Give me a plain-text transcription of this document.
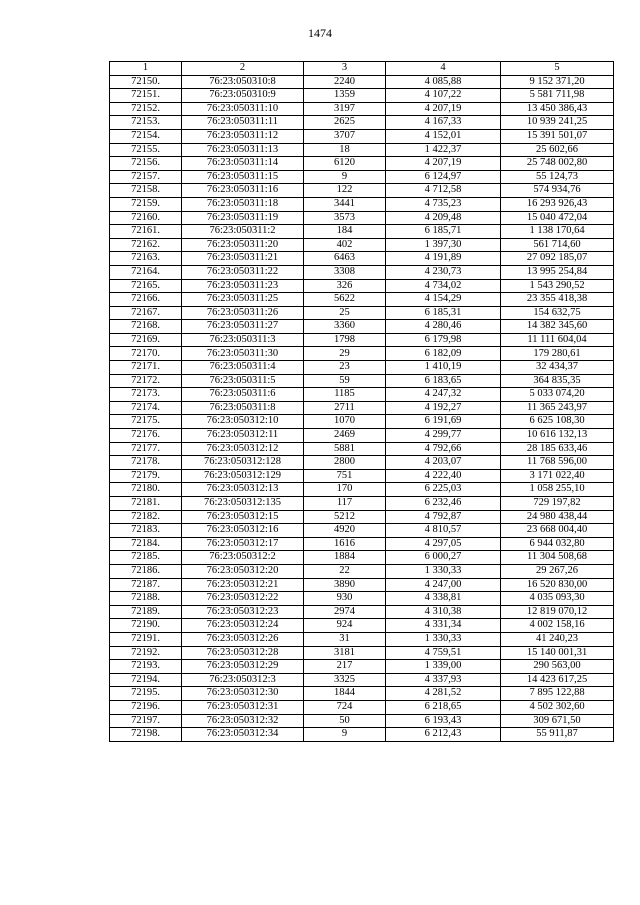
1474
1	2	3	4	5
72150.	76:23:050310:8	2240	4 085,88	9 152 371,20
72151.	76:23:050310:9	1359	4 107,22	5 581 711,98
72152.	76:23:050311:10	3197	4 207,19	13 450 386,43
72153.	76:23:050311:11	2625	4 167,33	10 939 241,25
72154.	76:23:050311:12	3707	4 152,01	15 391 501,07
72155.	76:23:050311:13	18	1 422,37	25 602,66
72156.	76:23:050311:14	6120	4 207,19	25 748 002,80
72157.	76:23:050311:15	9	6 124,97	55 124,73
72158.	76:23:050311:16	122	4 712,58	574 934,76
72159.	76:23:050311:18	3441	4 735,23	16 293 926,43
72160.	76:23:050311:19	3573	4 209,48	15 040 472,04
72161.	76:23:050311:2	184	6 185,71	1 138 170,64
72162.	76:23:050311:20	402	1 397,30	561 714,60
72163.	76:23:050311:21	6463	4 191,89	27 092 185,07
72164.	76:23:050311:22	3308	4 230,73	13 995 254,84
72165.	76:23:050311:23	326	4 734,02	1 543 290,52
72166.	76:23:050311:25	5622	4 154,29	23 355 418,38
72167.	76:23:050311:26	25	6 185,31	154 632,75
72168.	76:23:050311:27	3360	4 280,46	14 382 345,60
72169.	76:23:050311:3	1798	6 179,98	11 111 604,04
72170.	76:23:050311:30	29	6 182,09	179 280,61
72171.	76:23:050311:4	23	1 410,19	32 434,37
72172.	76:23:050311:5	59	6 183,65	364 835,35
72173.	76:23:050311:6	1185	4 247,32	5 033 074,20
72174.	76:23:050311:8	2711	4 192,27	11 365 243,97
72175.	76:23:050312:10	1070	6 191,69	6 625 108,30
72176.	76:23:050312:11	2469	4 299,77	10 616 132,13
72177.	76:23:050312:12	5881	4 792,66	28 185 633,46
72178.	76:23:050312:128	2800	4 203,07	11 768 596,00
72179.	76:23:050312:129	751	4 222,40	3 171 022,40
72180.	76:23:050312:13	170	6 225,03	1 058 255,10
72181.	76:23:050312:135	117	6 232,46	729 197,82
72182.	76:23:050312:15	5212	4 792,87	24 980 438,44
72183.	76:23:050312:16	4920	4 810,57	23 668 004,40
72184.	76:23:050312:17	1616	4 297,05	6 944 032,80
72185.	76:23:050312:2	1884	6 000,27	11 304 508,68
72186.	76:23:050312:20	22	1 330,33	29 267,26
72187.	76:23:050312:21	3890	4 247,00	16 520 830,00
72188.	76:23:050312:22	930	4 338,81	4 035 093,30
72189.	76:23:050312:23	2974	4 310,38	12 819 070,12
72190.	76:23:050312:24	924	4 331,34	4 002 158,16
72191.	76:23:050312:26	31	1 330,33	41 240,23
72192.	76:23:050312:28	3181	4 759,51	15 140 001,31
72193.	76:23:050312:29	217	1 339,00	290 563,00
72194.	76:23:050312:3	3325	4 337,93	14 423 617,25
72195.	76:23:050312:30	1844	4 281,52	7 895 122,88
72196.	76:23:050312:31	724	6 218,65	4 502 302,60
72197.	76:23:050312:32	50	6 193,43	309 671,50
72198.	76:23:050312:34	9	6 212,43	55 911,87
